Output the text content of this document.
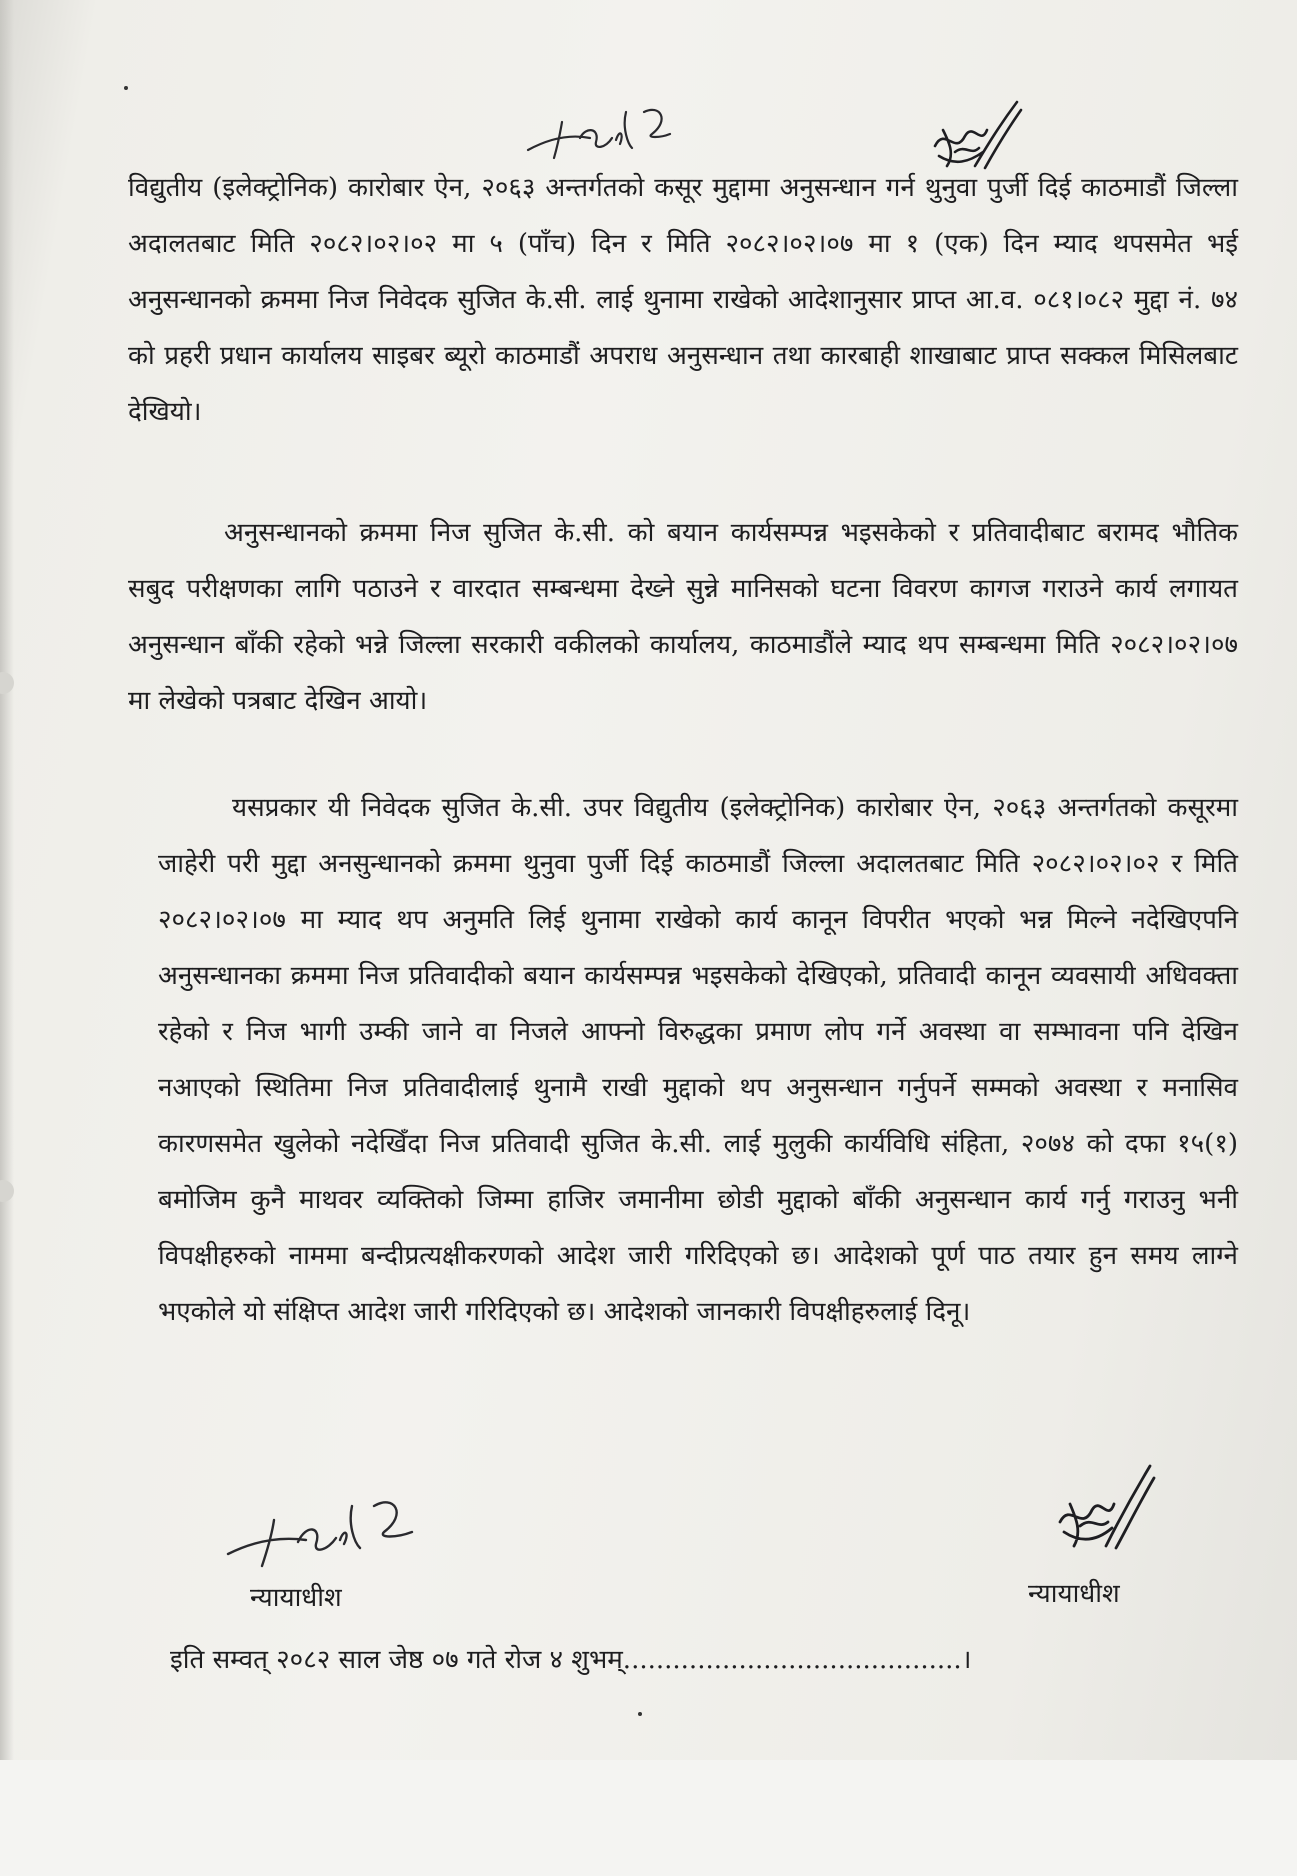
विद्युतीय (इलेक्ट्रोनिक) कारोबार ऐन, २०६३ अन्तर्गतको कसूर मुद्दामा अनुसन्धान गर्न थुनुवा पुर्जी दिई काठमाडौं जिल्ला अदालतबाट मिति २०८२।०२।०२ मा ५ (पाँच) दिन र मिति २०८२।०२।०७ मा १ (एक) दिन म्याद थपसमेत भई अनुसन्धानको क्रममा निज निवेदक सुजित के.सी. लाई थुनामा राखेको आदेशानुसार प्राप्त आ.व. ०८१।०८२ मुद्दा नं. ७४ को प्रहरी प्रधान कार्यालय साइबर ब्यूरो काठमाडौं अपराध अनुसन्धान तथा कारबाही शाखाबाट प्राप्त सक्कल मिसिलबाट देखियो।
अनुसन्धानको क्रममा निज सुजित के.सी. को बयान कार्यसम्पन्न भइसकेको र प्रतिवादीबाट बरामद भौतिक सबुद परीक्षणका लागि पठाउने र वारदात सम्बन्धमा देख्ने सुन्ने मानिसको घटना विवरण कागज गराउने कार्य लगायत अनुसन्धान बाँकी रहेको भन्ने जिल्ला सरकारी वकीलको कार्यालय, काठमाडौंले म्याद थप सम्बन्धमा मिति २०८२।०२।०७ मा लेखेको पत्रबाट देखिन आयो।
यसप्रकार यी निवेदक सुजित के.सी. उपर विद्युतीय (इलेक्ट्रोनिक) कारोबार ऐन, २०६३ अन्तर्गतको कसूरमा जाहेरी परी मुद्दा अनसुन्धानको क्रममा थुनुवा पुर्जी दिई काठमाडौं जिल्ला अदालतबाट मिति २०८२।०२।०२ र मिति २०८२।०२।०७ मा म्याद थप अनुमति लिई थुनामा राखेको कार्य कानून विपरीत भएको भन्न मिल्ने नदेखिएपनि अनुसन्धानका क्रममा निज प्रतिवादीको बयान कार्यसम्पन्न भइसकेको देखिएको, प्रतिवादी कानून व्यवसायी अधिवक्ता रहेको र निज भागी उम्की जाने वा निजले आफ्नो विरुद्धका प्रमाण लोप गर्ने अवस्था वा सम्भावना पनि देखिन नआएको स्थितिमा निज प्रतिवादीलाई थुनामै राखी मुद्दाको थप अनुसन्धान गर्नुपर्ने सम्मको अवस्था र मनासिव कारणसमेत खुलेको नदेखिँदा निज प्रतिवादी सुजित के.सी. लाई मुलुकी कार्यविधि संहिता, २०७४ को दफा १५(१) बमोजिम कुनै माथवर व्यक्तिको जिम्मा हाजिर जमानीमा छोडी मुद्दाको बाँकी अनुसन्धान कार्य गर्नु गराउनु भनी विपक्षीहरुको नाममा बन्दीप्रत्यक्षीकरणको आदेश जारी गरिदिएको छ। आदेशको पूर्ण पाठ तयार हुन समय लाग्ने भएकोले यो संक्षिप्त आदेश जारी गरिदिएको छ। आदेशको जानकारी विपक्षीहरुलाई दिनू।
न्यायाधीश	न्यायाधीश
इति सम्वत् २०८२ साल जेष्ठ ०७ गते रोज ४ शुभम्.........................................।
